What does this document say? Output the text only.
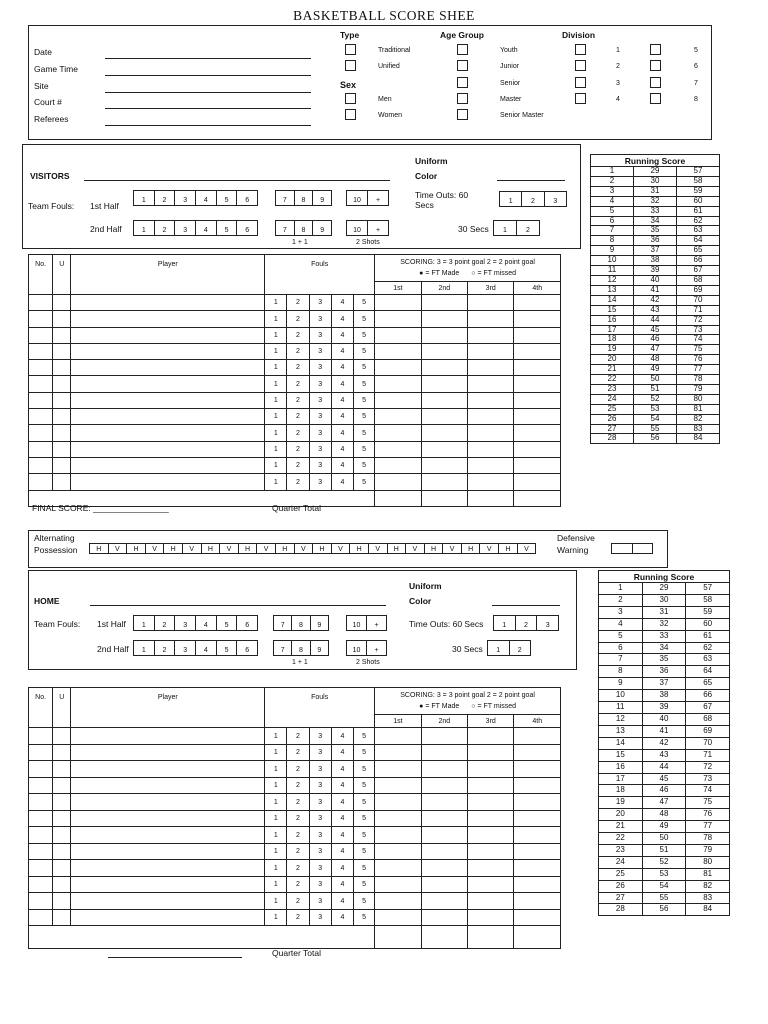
BASKETBALL SCORE SHEE
Date
Game Time
Site
Court #
Referees
Type	Age Group	Division
Sex
Traditional
Unified
Men
Women
Youth
Junior
Senior
Master
Senior Master
1
2
3
4
5
6
7
8
VISITORS
Uniform
Color
Team Fouls: 1st Half
2nd Half
Time Outs: 60
Secs
30 Secs
1 + 1	2 Shots
1	2	3	4	5	6	7	8	9	10	+
1	2	3	4	5	6	7	8	9	10	+
1	2	3
1	2
No.	U	Player	Fouls					SCORING: 3 = 3 point goal 2 = 2 point goal
● = FT Made ○ = FT missed			

								1st	2nd	3rd	4th
			1	2	3	4	5				
			1	2	3	4	5				
			1	2	3	4	5				
			1	2	3	4	5				
			1	2	3	4	5				
			1	2	3	4	5				
			1	2	3	4	5				
			1	2	3	4	5				
			1	2	3	4	5				
			1	2	3	4	5				
			1	2	3	4	5				
			1	2	3	4	5				

FINAL SCORE: ________________	Quarter Total
Alternating
Possession	H	V	H	V	H	V	H	V	H	V	H	V	H	V	H	V	H	V	H	V	H	V	H	V
Defensive
Warning
HOME
Uniform
Color
Team Fouls: 1st Half
2nd Half
Time Outs: 60 Secs
30 Secs
1 + 1	2 Shots
1	2	3	4	5	6	7	8	9	10	+
1	2	3	4	5	6	7	8	9	10	+
1	2	3
1	2
No.	U	Player	Fouls					SCORING: 3 = 3 point goal 2 = 2 point goal
● = FT Made ○ = FT missed			

								1st	2nd	3rd	4th
			1	2	3	4	5				
			1	2	3	4	5				
			1	2	3	4	5				
			1	2	3	4	5				
			1	2	3	4	5				
			1	2	3	4	5				
			1	2	3	4	5				
			1	2	3	4	5				
			1	2	3	4	5				
			1	2	3	4	5				
			1	2	3	4	5				
			1	2	3	4	5				

Quarter Total
Running Score		
1	29	57
2	30	58
3	31	59
4	32	60
5	33	61
6	34	62
7	35	63
8	36	64
9	37	65
10	38	66
11	39	67
12	40	68
13	41	69
14	42	70
15	43	71
16	44	72
17	45	73
18	46	74
19	47	75
20	48	76
21	49	77
22	50	78
23	51	79
24	52	80
25	53	81
26	54	82
27	55	83
28	56	84
Running Score		
1	29	57
2	30	58
3	31	59
4	32	60
5	33	61
6	34	62
7	35	63
8	36	64
9	37	65
10	38	66
11	39	67
12	40	68
13	41	69
14	42	70
15	43	71
16	44	72
17	45	73
18	46	74
19	47	75
20	48	76
21	49	77
22	50	78
23	51	79
24	52	80
25	53	81
26	54	82
27	55	83
28	56	84
